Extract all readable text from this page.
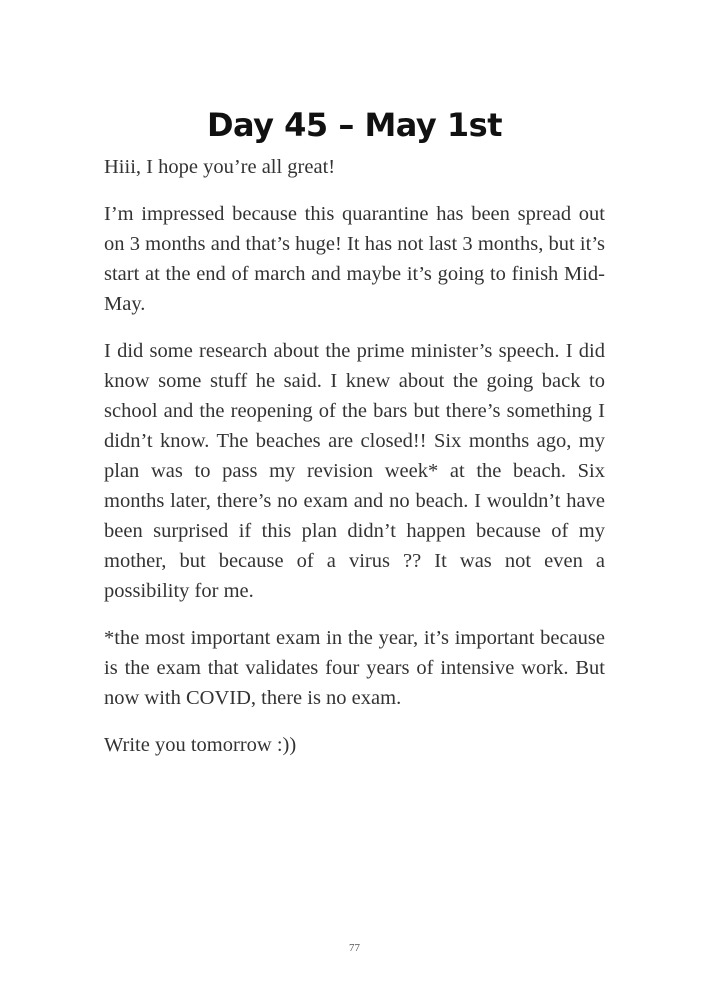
Day 45 – May 1st

Hiii, I hope you’re all great!

I’m impressed because this quarantine has been spread out on 3 months and that’s huge! It has not last 3 months, but it’s start at the end of march and maybe it’s going to finish Mid-May.

I did some research about the prime minister’s speech. I did know some stuff he said. I knew about the going back to school and the reopening of the bars but there’s something I didn’t know. The beaches are closed!! Six months ago, my plan was to pass my revision week* at the beach. Six months later, there’s no exam and no beach. I wouldn’t have been surprised if this plan didn’t happen because of my mother, but because of a virus ?? It was not even a possibility for me.

*the most important exam in the year, it’s important because is the exam that validates four years of intensive work. But now with COVID, there is no exam.

Write you tomorrow :))

77
